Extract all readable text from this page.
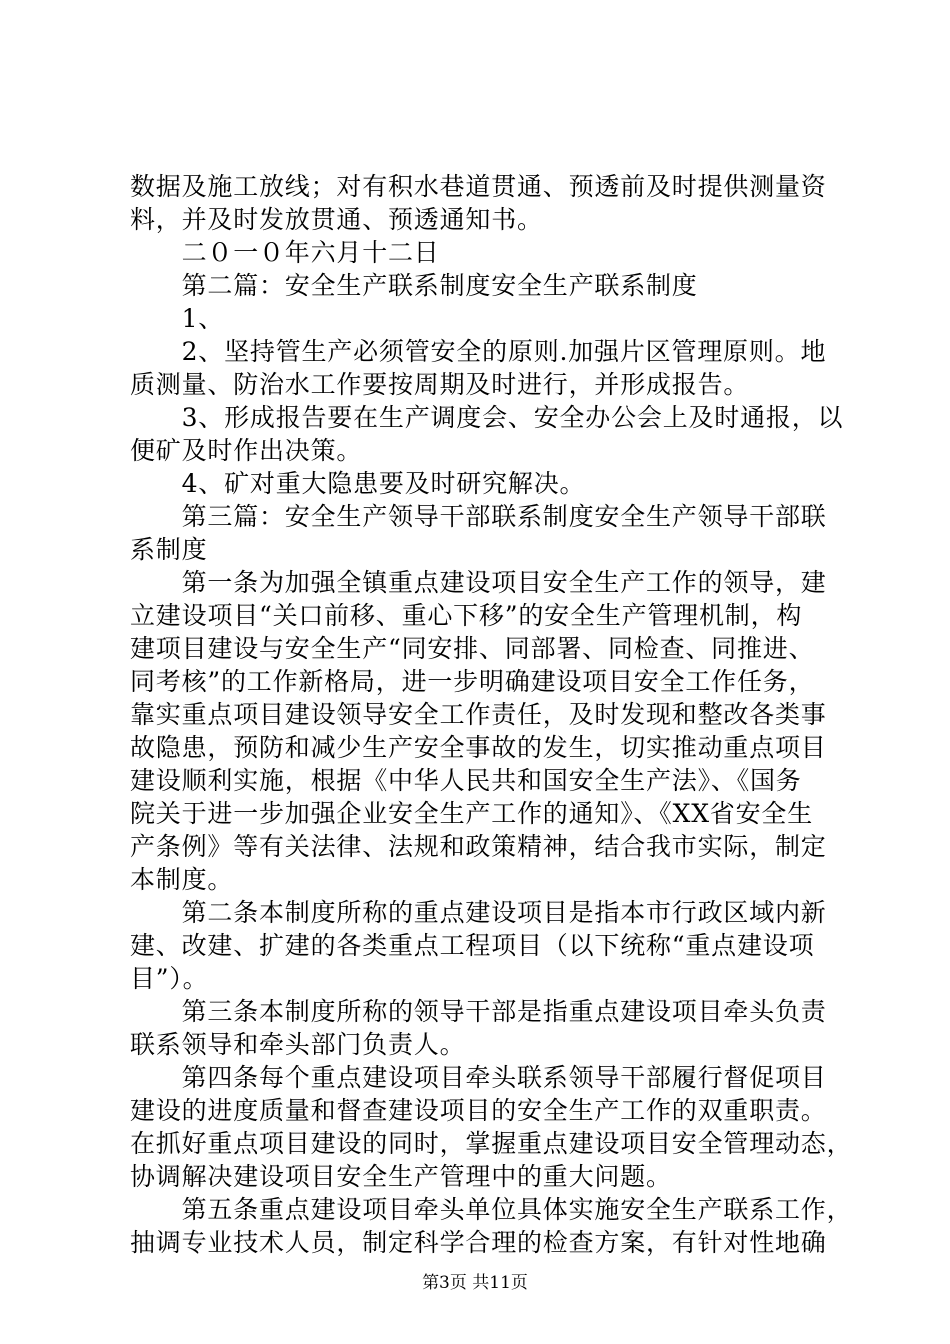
数据及施工放线；对有积水巷道贯通、预透前及时提供测量资
料，并及时发放贯通、预透通知书。
　　二０一０年六月十二日
　　第二篇：安全生产联系制度安全生产联系制度
　　1、
　　2、坚持管生产必须管安全的原则.加强片区管理原则。地
质测量、防治水工作要按周期及时进行，并形成报告。
　　3、形成报告要在生产调度会、安全办公会上及时通报，以
便矿及时作出决策。
　　4、矿对重大隐患要及时研究解决。
　　第三篇：安全生产领导干部联系制度安全生产领导干部联
系制度
　　第一条为加强全镇重点建设项目安全生产工作的领导，建
立建设项目“关口前移、重心下移”的安全生产管理机制，构
建项目建设与安全生产“同安排、同部署、同检查、同推进、
同考核”的工作新格局，进一步明确建设项目安全工作任务，
靠实重点项目建设领导安全工作责任，及时发现和整改各类事
故隐患，预防和减少生产安全事故的发生，切实推动重点项目
建设顺利实施，根据《中华人民共和国安全生产法》、《国务
院关于进一步加强企业安全生产工作的通知》、《XX省安全生
产条例》等有关法律、法规和政策精神，结合我市实际，制定
本制度。
　　第二条本制度所称的重点建设项目是指本市行政区域内新
建、改建、扩建的各类重点工程项目（以下统称“重点建设项
目”）。
　　第三条本制度所称的领导干部是指重点建设项目牵头负责
联系领导和牵头部门负责人。
　　第四条每个重点建设项目牵头联系领导干部履行督促项目
建设的进度质量和督查建设项目的安全生产工作的双重职责。
在抓好重点项目建设的同时，掌握重点建设项目安全管理动态，
协调解决建设项目安全生产管理中的重大问题。
　　第五条重点建设项目牵头单位具体实施安全生产联系工作，
抽调专业技术人员，制定科学合理的检查方案，有针对性地确
第3页 共11页
